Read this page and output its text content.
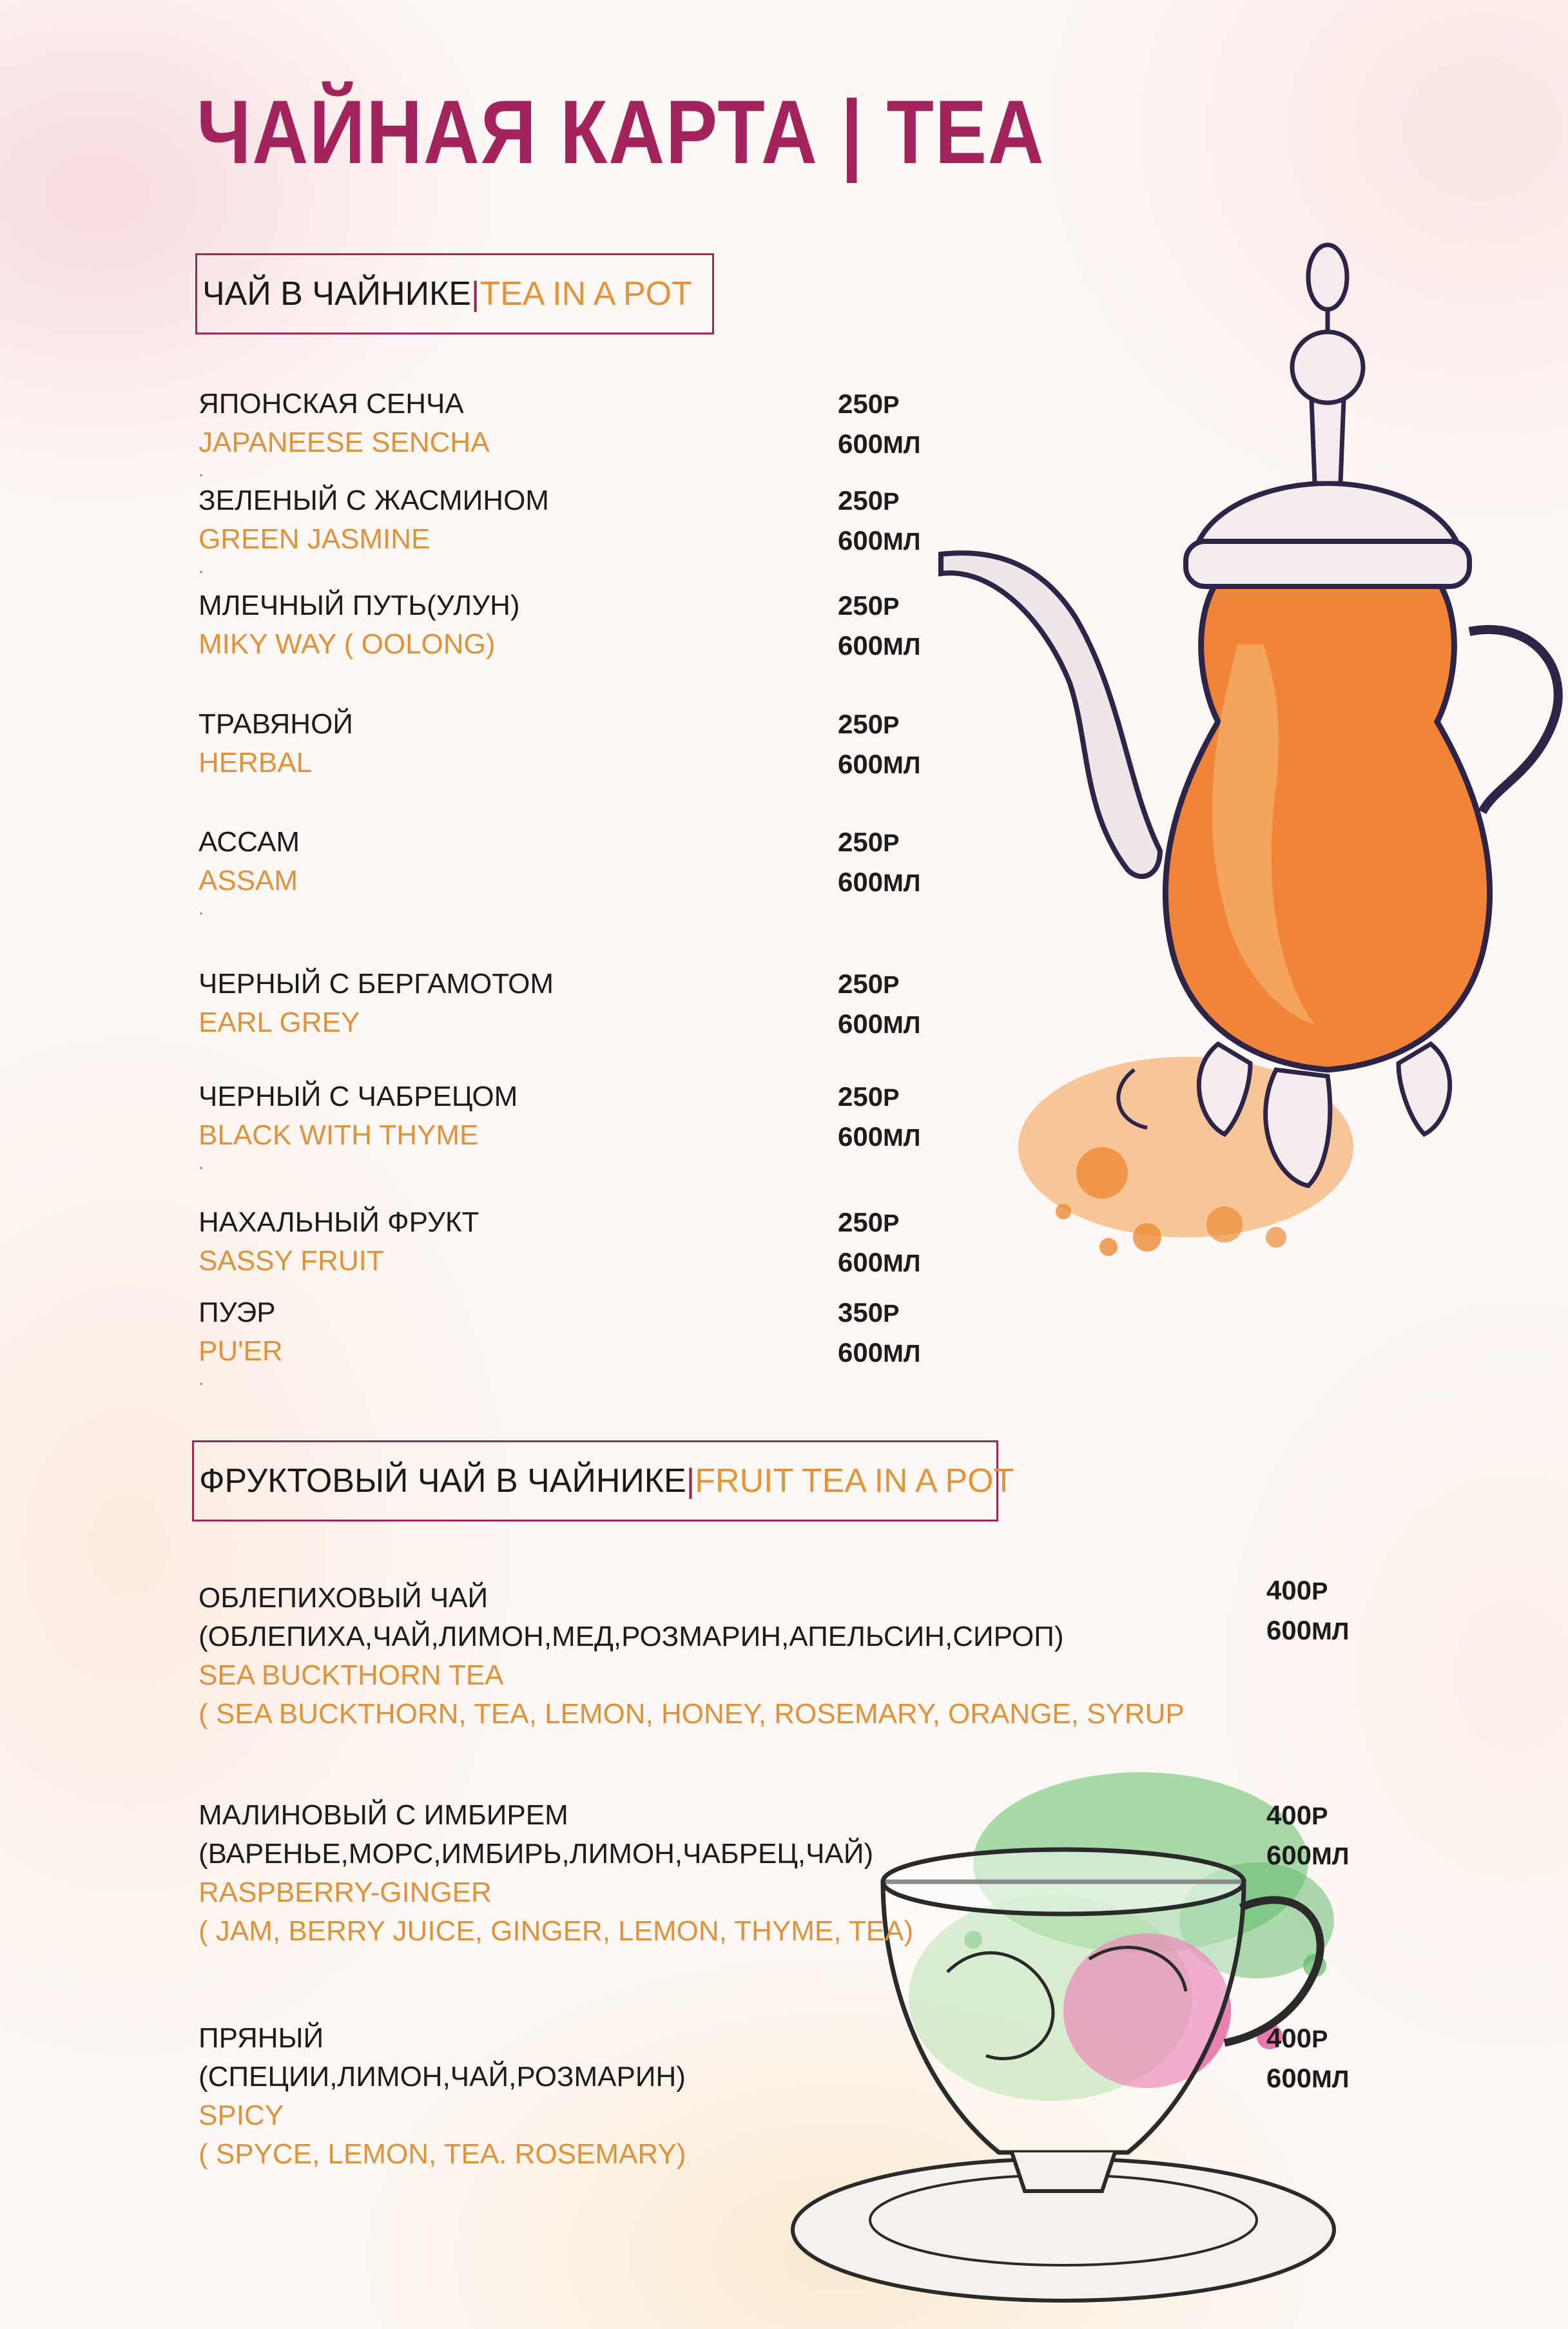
ЧАЙНАЯ КАРТА | TEA
ЧАЙ В ЧАЙНИКЕ | TEA IN A POT
ЯПОНСКАЯ СЕНЧА
JAPANEESE SENCHA
.
250Р
600МЛ
ЗЕЛЕНЫЙ С ЖАСМИНОМ
GREEN JASMINE
.
250Р
600МЛ
МЛЕЧНЫЙ ПУТЬ(УЛУН)
MIKY WAY ( OOLONG)
250Р
600МЛ
ТРАВЯНОЙ
HERBAL
250Р
600МЛ
АССАМ
ASSAM
.
250Р
600МЛ
ЧЕРНЫЙ С БЕРГАМОТОМ
EARL GREY
250Р
600МЛ
ЧЕРНЫЙ С ЧАБРЕЦОМ
BLACK WITH THYME
.
250Р
600МЛ
НАХАЛЬНЫЙ ФРУКТ
SASSY FRUIT
250Р
600МЛ
ПУЭР
PU'ER
.
350Р
600МЛ
ФРУКТОВЫЙ ЧАЙ В ЧАЙНИКЕ | FRUIT TEA IN A POT
ОБЛЕПИХОВЫЙ ЧАЙ
(ОБЛЕПИХА,ЧАЙ,ЛИМОН,МЕД,РОЗМАРИН,АПЕЛЬСИН,СИРОП)
SEA BUCKTHORN TEA
( SEA BUCKTHORN, TEA, LEMON, HONEY, ROSEMARY, ORANGE, SYRUP
400Р
600МЛ
МАЛИНОВЫЙ С ИМБИРЕМ
(ВАРЕНЬЕ,МОРС,ИМБИРЬ,ЛИМОН,ЧАБРЕЦ,ЧАЙ)
RASPBERRY-GINGER
( JAM, BERRY JUICE, GINGER, LEMON, THYME, TEA)
400Р
600МЛ
ПРЯНЫЙ
(СПЕЦИИ,ЛИМОН,ЧАЙ,РОЗМАРИН)
SPICY
( SPYCE, LEMON, TEA. ROSEMARY)
400Р
600МЛ
